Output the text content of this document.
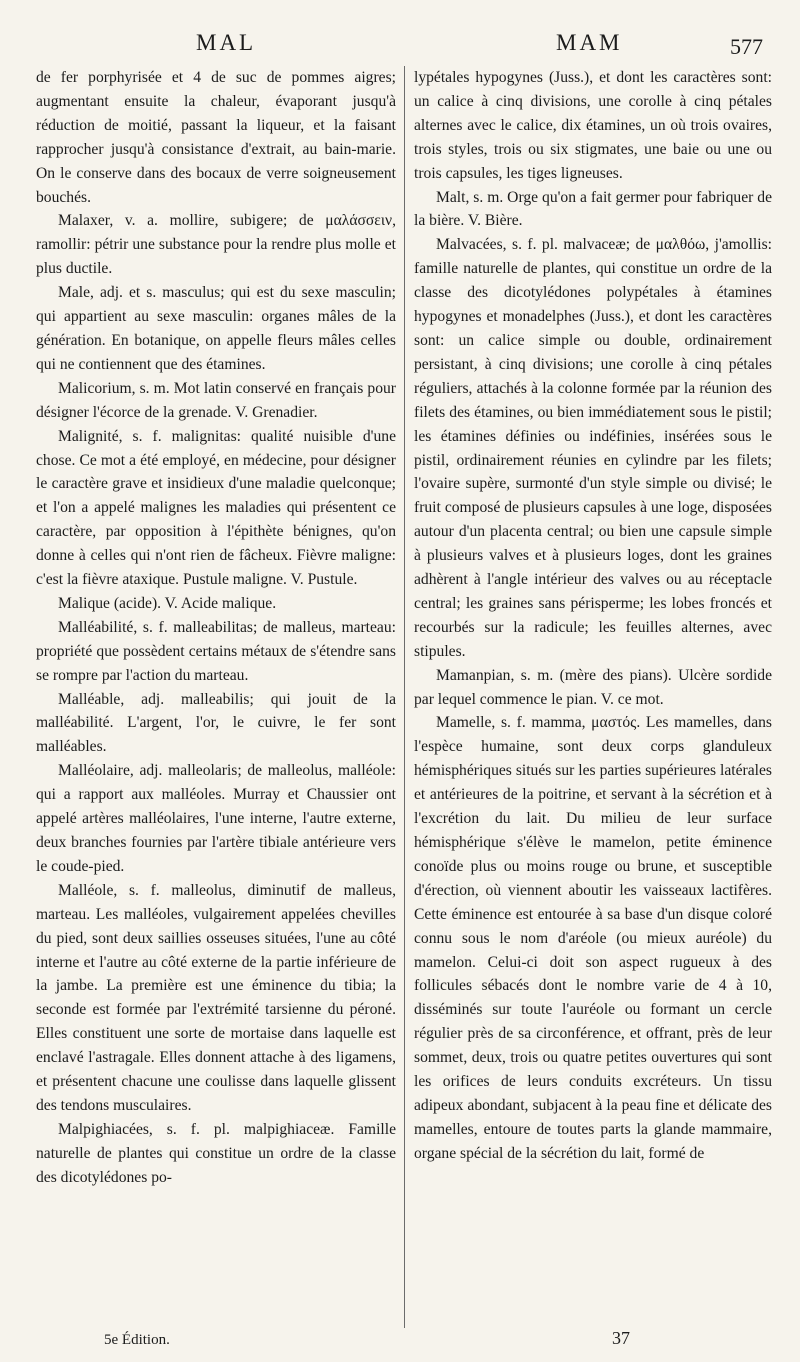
MAL	MAM	577

de fer porphyrisée et 4 de suc de pommes aigres; augmentant ensuite la chaleur, évaporant jusqu'à réduction de moitié, passant la liqueur, et la faisant rapprocher jusqu'à consistance d'extrait, au bain-marie. On le conserve dans des bocaux de verre soigneusement bouchés.

Malaxer, v. a. mollire, subigere; de μαλάσσειν, ramollir: pétrir une substance pour la rendre plus molle et plus ductile.

Male, adj. et s. masculus; qui est du sexe masculin; qui appartient au sexe masculin: organes mâles de la génération. En botanique, on appelle fleurs mâles celles qui ne contiennent que des étamines.

Malicorium, s. m. Mot latin conservé en français pour désigner l'écorce de la grenade. V. Grenadier.

Malignité, s. f. malignitas: qualité nuisible d'une chose. Ce mot a été employé, en médecine, pour désigner le caractère grave et insidieux d'une maladie quelconque; et l'on a appelé malignes les maladies qui présentent ce caractère, par opposition à l'épithète bénignes, qu'on donne à celles qui n'ont rien de fâcheux. Fièvre maligne: c'est la fièvre ataxique. Pustule maligne. V. Pustule.

Malique (acide). V. Acide malique.

Malléabilité, s. f. malleabilitas; de malleus, marteau: propriété que possèdent certains métaux de s'étendre sans se rompre par l'action du marteau.

Malléable, adj. malleabilis; qui jouit de la malléabilité. L'argent, l'or, le cuivre, le fer sont malléables.

Malléolaire, adj. malleolaris; de malleolus, malléole: qui a rapport aux malléoles. Murray et Chaussier ont appelé artères malléolaires, l'une interne, l'autre externe, deux branches fournies par l'artère tibiale antérieure vers le coude-pied.

Malléole, s. f. malleolus, diminutif de malleus, marteau. Les malléoles, vulgairement appelées chevilles du pied, sont deux saillies osseuses situées, l'une au côté interne et l'autre au côté externe de la partie inférieure de la jambe. La première est une éminence du tibia; la seconde est formée par l'extrémité tarsienne du péroné. Elles constituent une sorte de mortaise dans laquelle est enclavé l'astragale. Elles donnent attache à des ligamens, et présentent chacune une coulisse dans laquelle glissent des tendons musculaires.

Malpighiacées, s. f. pl. malpighiaceæ. Famille naturelle de plantes qui constitue un ordre de la classe des dicotylédones po-

lypétales hypogynes (Juss.), et dont les caractères sont: un calice à cinq divisions, une corolle à cinq pétales alternes avec le calice, dix étamines, un où trois ovaires, trois styles, trois ou six stigmates, une baie ou une ou trois capsules, les tiges ligneuses.

Malt, s. m. Orge qu'on a fait germer pour fabriquer de la bière. V. Bière.

Malvacées, s. f. pl. malvaceæ; de μαλθόω, j'amollis: famille naturelle de plantes, qui constitue un ordre de la classe des dicotylédones polypétales à étamines hypogynes et monadelphes (Juss.), et dont les caractères sont: un calice simple ou double, ordinairement persistant, à cinq divisions; une corolle à cinq pétales réguliers, attachés à la colonne formée par la réunion des filets des étamines, ou bien immédiatement sous le pistil; les étamines définies ou indéfinies, insérées sous le pistil, ordinairement réunies en cylindre par les filets; l'ovaire supère, surmonté d'un style simple ou divisé; le fruit composé de plusieurs capsules à une loge, disposées autour d'un placenta central; ou bien une capsule simple à plusieurs valves et à plusieurs loges, dont les graines adhèrent à l'angle intérieur des valves ou au réceptacle central; les graines sans périsperme; les lobes froncés et recourbés sur la radicule; les feuilles alternes, avec stipules.

Mamanpian, s. m. (mère des pians). Ulcère sordide par lequel commence le pian. V. ce mot.

Mamelle, s. f. mamma, μαστός. Les mamelles, dans l'espèce humaine, sont deux corps glanduleux hémisphériques situés sur les parties supérieures latérales et antérieures de la poitrine, et servant à la sécrétion et à l'excrétion du lait. Du milieu de leur surface hémisphérique s'élève le mamelon, petite éminence conoïde plus ou moins rouge ou brune, et susceptible d'érection, où viennent aboutir les vaisseaux lactifères. Cette éminence est entourée à sa base d'un disque coloré connu sous le nom d'aréole (ou mieux auréole) du mamelon. Celui-ci doit son aspect rugueux à des follicules sébacés dont le nombre varie de 4 à 10, disséminés sur toute l'auréole ou formant un cercle régulier près de sa circonférence, et offrant, près de leur sommet, deux, trois ou quatre petites ouvertures qui sont les orifices de leurs conduits excréteurs. Un tissu adipeux abondant, subjacent à la peau fine et délicate des mamelles, entoure de toutes parts la glande mammaire, organe spécial de la sécrétion du lait, formé de

5e Édition.	37
